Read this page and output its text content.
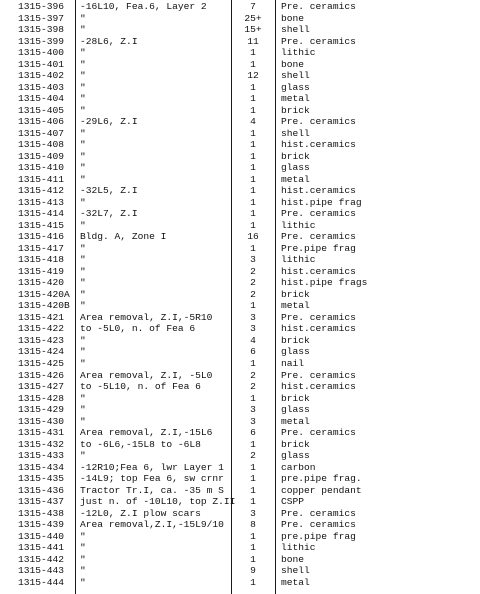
1315-396 -16L10, Fea.6, Layer 2	7	Pre. ceramics
1315-397 "	25+	bone
1315-398 "	15+	shell
1315-399 -28L6, Z.I	11	Pre. ceramics
1315-400 "	1	lithic
1315-401 "	1	bone
1315-402 "	12	shell
1315-403 "	1	glass
1315-404 "	1	metal
1315-405 "	1	brick
1315-406 -29L6, Z.I	4	Pre. ceramics
1315-407 "	1	shell
1315-408 "	1	hist.ceramics
1315-409 "	1	brick
1315-410 "	1	glass
1315-411 "	1	metal
1315-412 -32L5, Z.I	1	hist.ceramics
1315-413 "	1	hist.pipe frag
1315-414 -32L7, Z.I	1	Pre. ceramics
1315-415 "	1	lithic
1315-416 Bldg. A, Zone I	16	Pre. ceramics
1315-417 "	1	Pre.pipe frag
1315-418 "	3	lithic
1315-419 "	2	hist.ceramics
1315-420 "	2	hist.pipe frags
1315-420A "	2	brick
1315-420B "	1	metal
1315-421 Area removal, Z.I,-5R10	3	Pre. ceramics
1315-422 to -5L0, n. of Fea 6	3	hist.ceramics
1315-423 "	4	brick
1315-424 "	6	glass
1315-425 "	1	nail
1315-426 Area removal, Z.I, -5L0	2	Pre. ceramics
1315-427 to -5L10, n. of Fea 6	2	hist.ceramics
1315-428 "	1	brick
1315-429 "	3	glass
1315-430 "	3	metal
1315-431 Area removal, Z.I,-15L6	6	Pre. ceramics
1315-432 to -6L6,-15L8 to -6L8	1	brick
1315-433 "	2	glass
1315-434 -12R10;Fea 6, lwr Layer 1	1	carbon
1315-435 -14L9; top Fea 6, sw crnr	1	pre.pipe frag.
1315-436 Tractor Tr.I, ca. -35 m S	1	copper pendant
1315-437 just n. of -10L10, top Z.II	1	CSPP
1315-438 -12L0, Z.I plow scars	3	Pre. ceramics
1315-439 Area removal,Z.I,-15L9/10	8	Pre. ceramics
1315-440 "	1	pre.pipe frag
1315-441 "	1	lithic
1315-442 "	1	bone
1315-443 "	9	shell
1315-444 "	1	metal
